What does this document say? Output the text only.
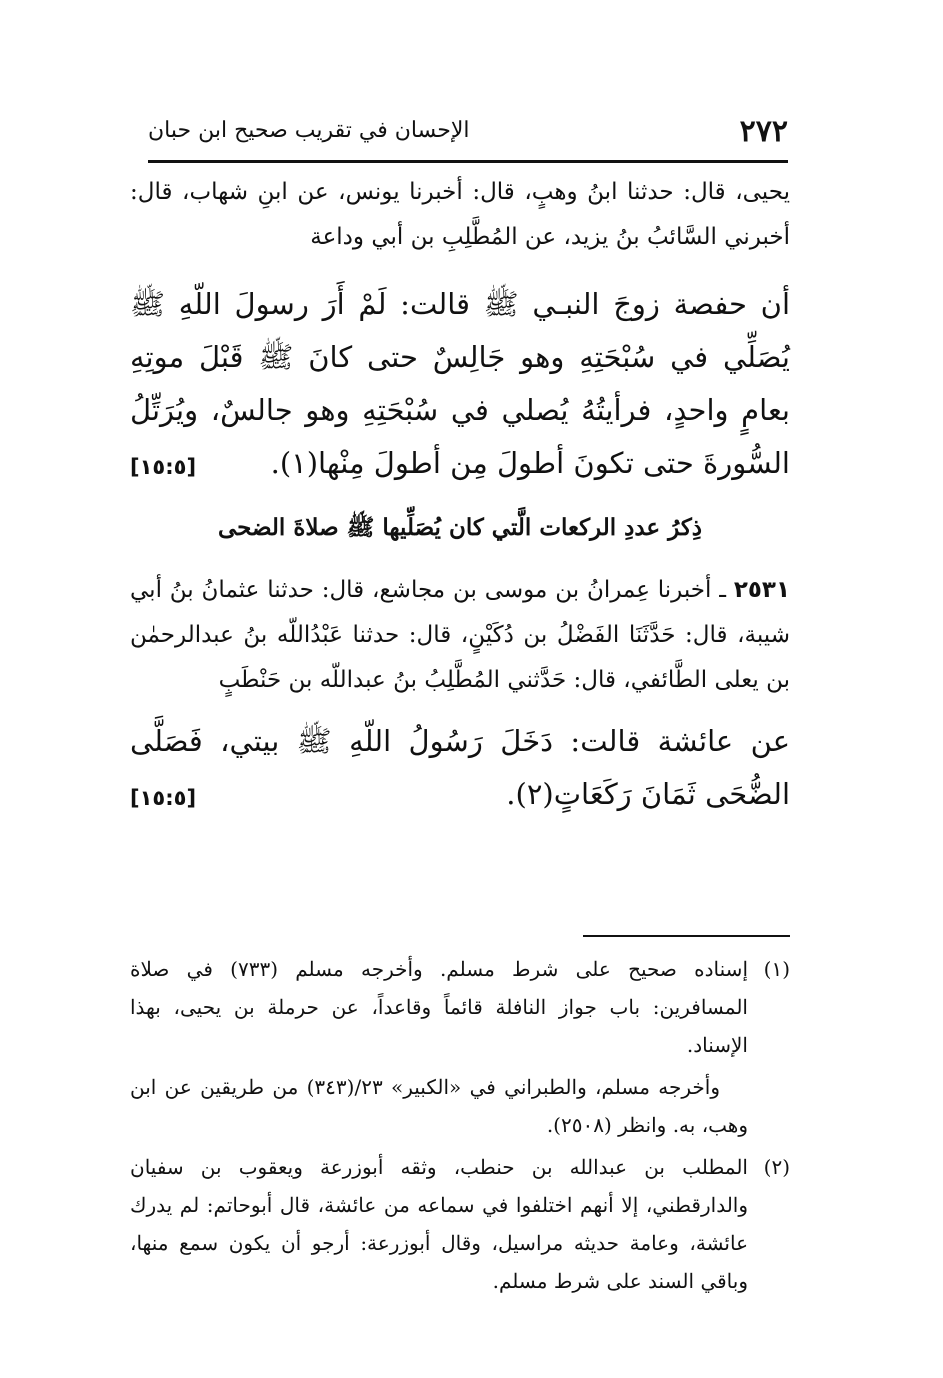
٢٧٢
الإحسان في تقريب صحيح ابن حبان

يحيى، قال: حدثنا ابنُ وهبٍ، قال: أخبرنا يونس، عن ابنِ شهاب، قال: أخبرني السَّائبُ بنُ يزيد، عن المُطَّلِبِ بن أبي وداعة

أن حفصة زوجَ النبـي ﷺ قالت: لَمْ أَرَ رسولَ اللّهِ ﷺ يُصَلِّي في سُبْحَتِهِ وهو جَالِسٌ حتى كانَ ﷺ قَبْلَ موتِهِ بعامٍ واحدٍ، فرأيتُهُ يُصلي في سُبْحَتِهِ وهو جالسٌ، ويُرَتِّلُ السُّورةَ حتى تكونَ أطولَ مِن أطولَ مِنْها(١).
[١٥:٥]
ذِكرُ عددِ الركعات الَّتي كان يُصَلِّيها ﷺ صلاةَ الضحى

٢٥٣١ ـ أخبرنا عِمرانُ بن موسى بن مجاشع، قال: حدثنا عثمانُ بنُ أبي شيبة، قال: حَدَّثَنَا الفَضْلُ بن دُكَيْنٍ، قال: حدثنا عَبْدُاللّه بنُ عبدالرحمٰن بن يعلى الطَّائفي، قال: حَدَّثني المُطَّلِبُ بنُ عبداللّه بن حَنْطَبٍ

عن عائشة قالت: دَخَلَ رَسُولُ اللّهِ ﷺ بيتي، فَصَلَّى الضُّحَى ثَمَانَ رَكَعَاتٍ(٢).
[١٥:٥]
(١)
إسناده صحيح على شرط مسلم. وأخرجه مسلم (٧٣٣) في صلاة المسافرين: باب جواز النافلة قائماً وقاعداً، عن حرملة بن يحيى، بهذا الإسناد.

وأخرجه مسلم، والطبراني في «الكبير» ٢٣/(٣٤٣) من طريقين عن ابن وهب، به. وانظر (٢٥٠٨).

(٢)
المطلب بن عبدالله بن حنطب، وثقه أبوزرعة ويعقوب بن سفيان والدارقطني، إلا أنهم اختلفوا في سماعه من عائشة، قال أبوحاتم: لم يدرك عائشة، وعامة حديثه مراسيل، وقال أبوزرعة: أرجو أن يكون سمع منها، وباقي السند على شرط مسلم.
